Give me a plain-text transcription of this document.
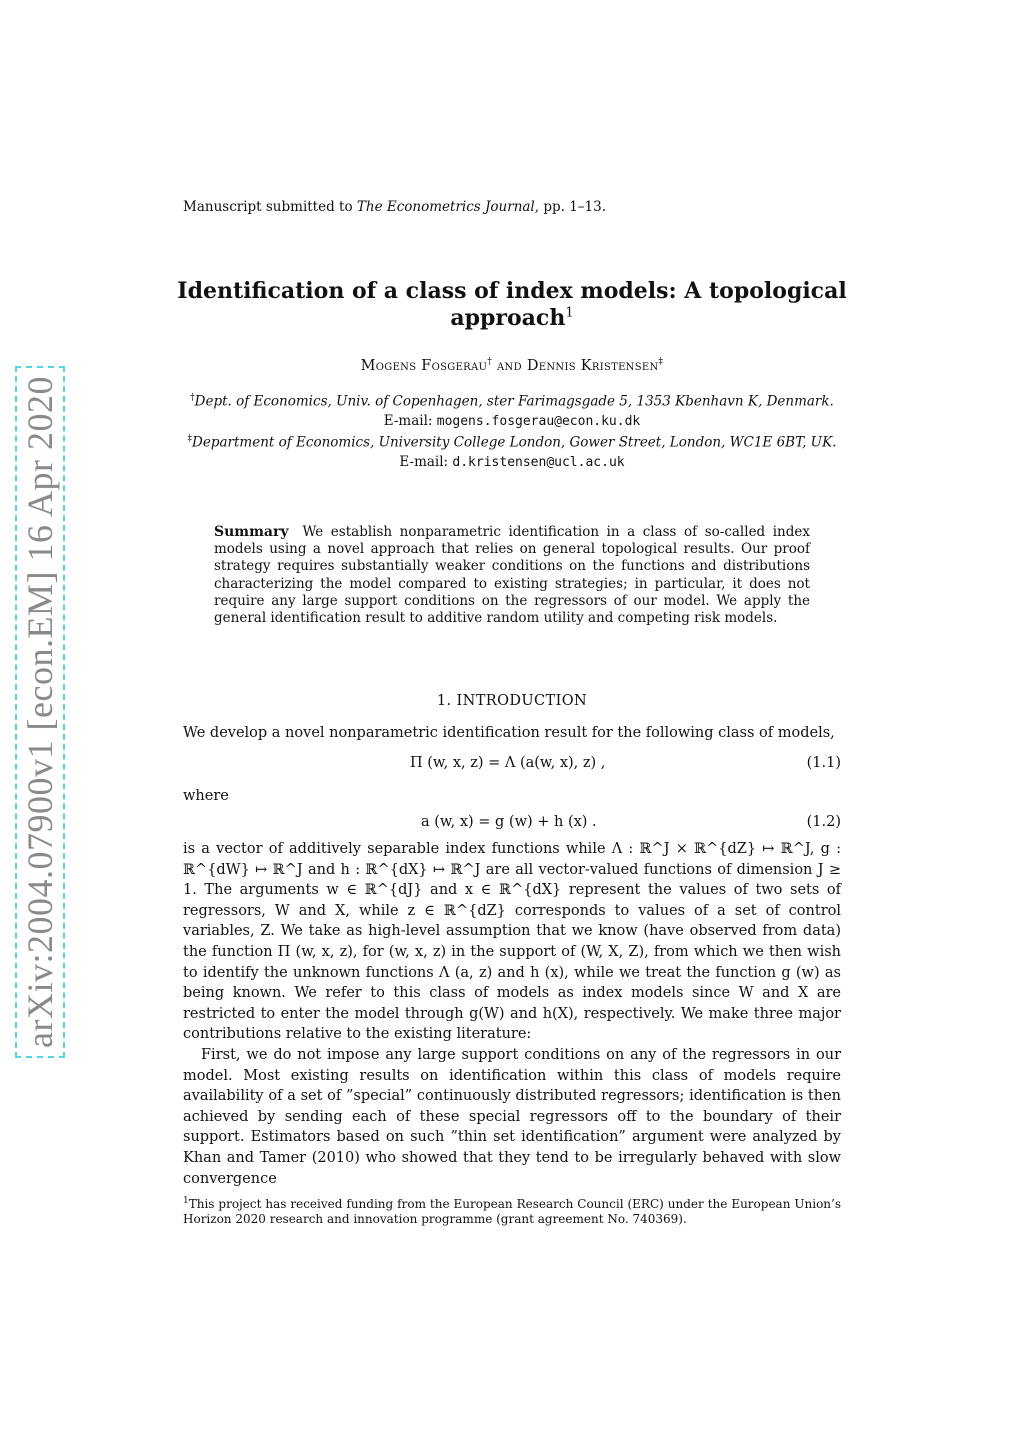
arXiv:2004.07900v1 [econ.EM] 16 Apr 2020
Manuscript submitted to The Econometrics Journal, pp. 1–13.
Identification of a class of index models: A topological
approach$^1$
Mogens Fosgerau† and Dennis Kristensen‡
†Dept. of Economics, Univ. of Copenhagen, ster Farimagsgade 5, 1353 Kbenhavn K, Denmark.
E-mail: mogens.fosgerau@econ.ku.dk
‡Department of Economics, University College London, Gower Street, London, WC1E 6BT, UK.
E-mail: d.kristensen@ucl.ac.uk
Summary We establish nonparametric identification in a class of so-called index models using a novel approach that relies on general topological results. Our proof strategy requires substantially weaker conditions on the functions and distributions characterizing the model compared to existing strategies; in particular, it does not require any large support conditions on the regressors of our model. We apply the general identification result to additive random utility and competing risk models.
1. INTRODUCTION
We develop a novel nonparametric identification result for the following class of models,
Π (w, x, z) = Λ (a(w, x), z) ,	(1.1)
where
a (w, x) = g (w) + h (x) .	(1.2)
is a vector of additively separable index functions while Λ : ℝ^J × ℝ^{dZ} ↦ ℝ^J, g : ℝ^{dW} ↦ ℝ^J and h : ℝ^{dX} ↦ ℝ^J are all vector-valued functions of dimension J ≥ 1. The arguments w ∈ ℝ^{dJ} and x ∈ ℝ^{dX} represent the values of two sets of regressors, W and X, while z ∈ ℝ^{dZ} corresponds to values of a set of control variables, Z. We take as high-level assumption that we know (have observed from data) the function Π (w, x, z), for (w, x, z) in the support of (W, X, Z), from which we then wish to identify the unknown functions Λ (a, z) and h (x), while we treat the function g (w) as being known. We refer to this class of models as index models since W and X are restricted to enter the model through g(W) and h(X), respectively. We make three major contributions relative to the existing literature:
First, we do not impose any large support conditions on any of the regressors in our model. Most existing results on identification within this class of models require availability of a set of ”special” continuously distributed regressors; identification is then achieved by sending each of these special regressors off to the boundary of their support. Estimators based on such ”thin set identification” argument were analyzed by Khan and Tamer (2010) who showed that they tend to be irregularly behaved with slow convergence
$^1$This project has received funding from the European Research Council (ERC) under the European Union’s Horizon 2020 research and innovation programme (grant agreement No. 740369).
